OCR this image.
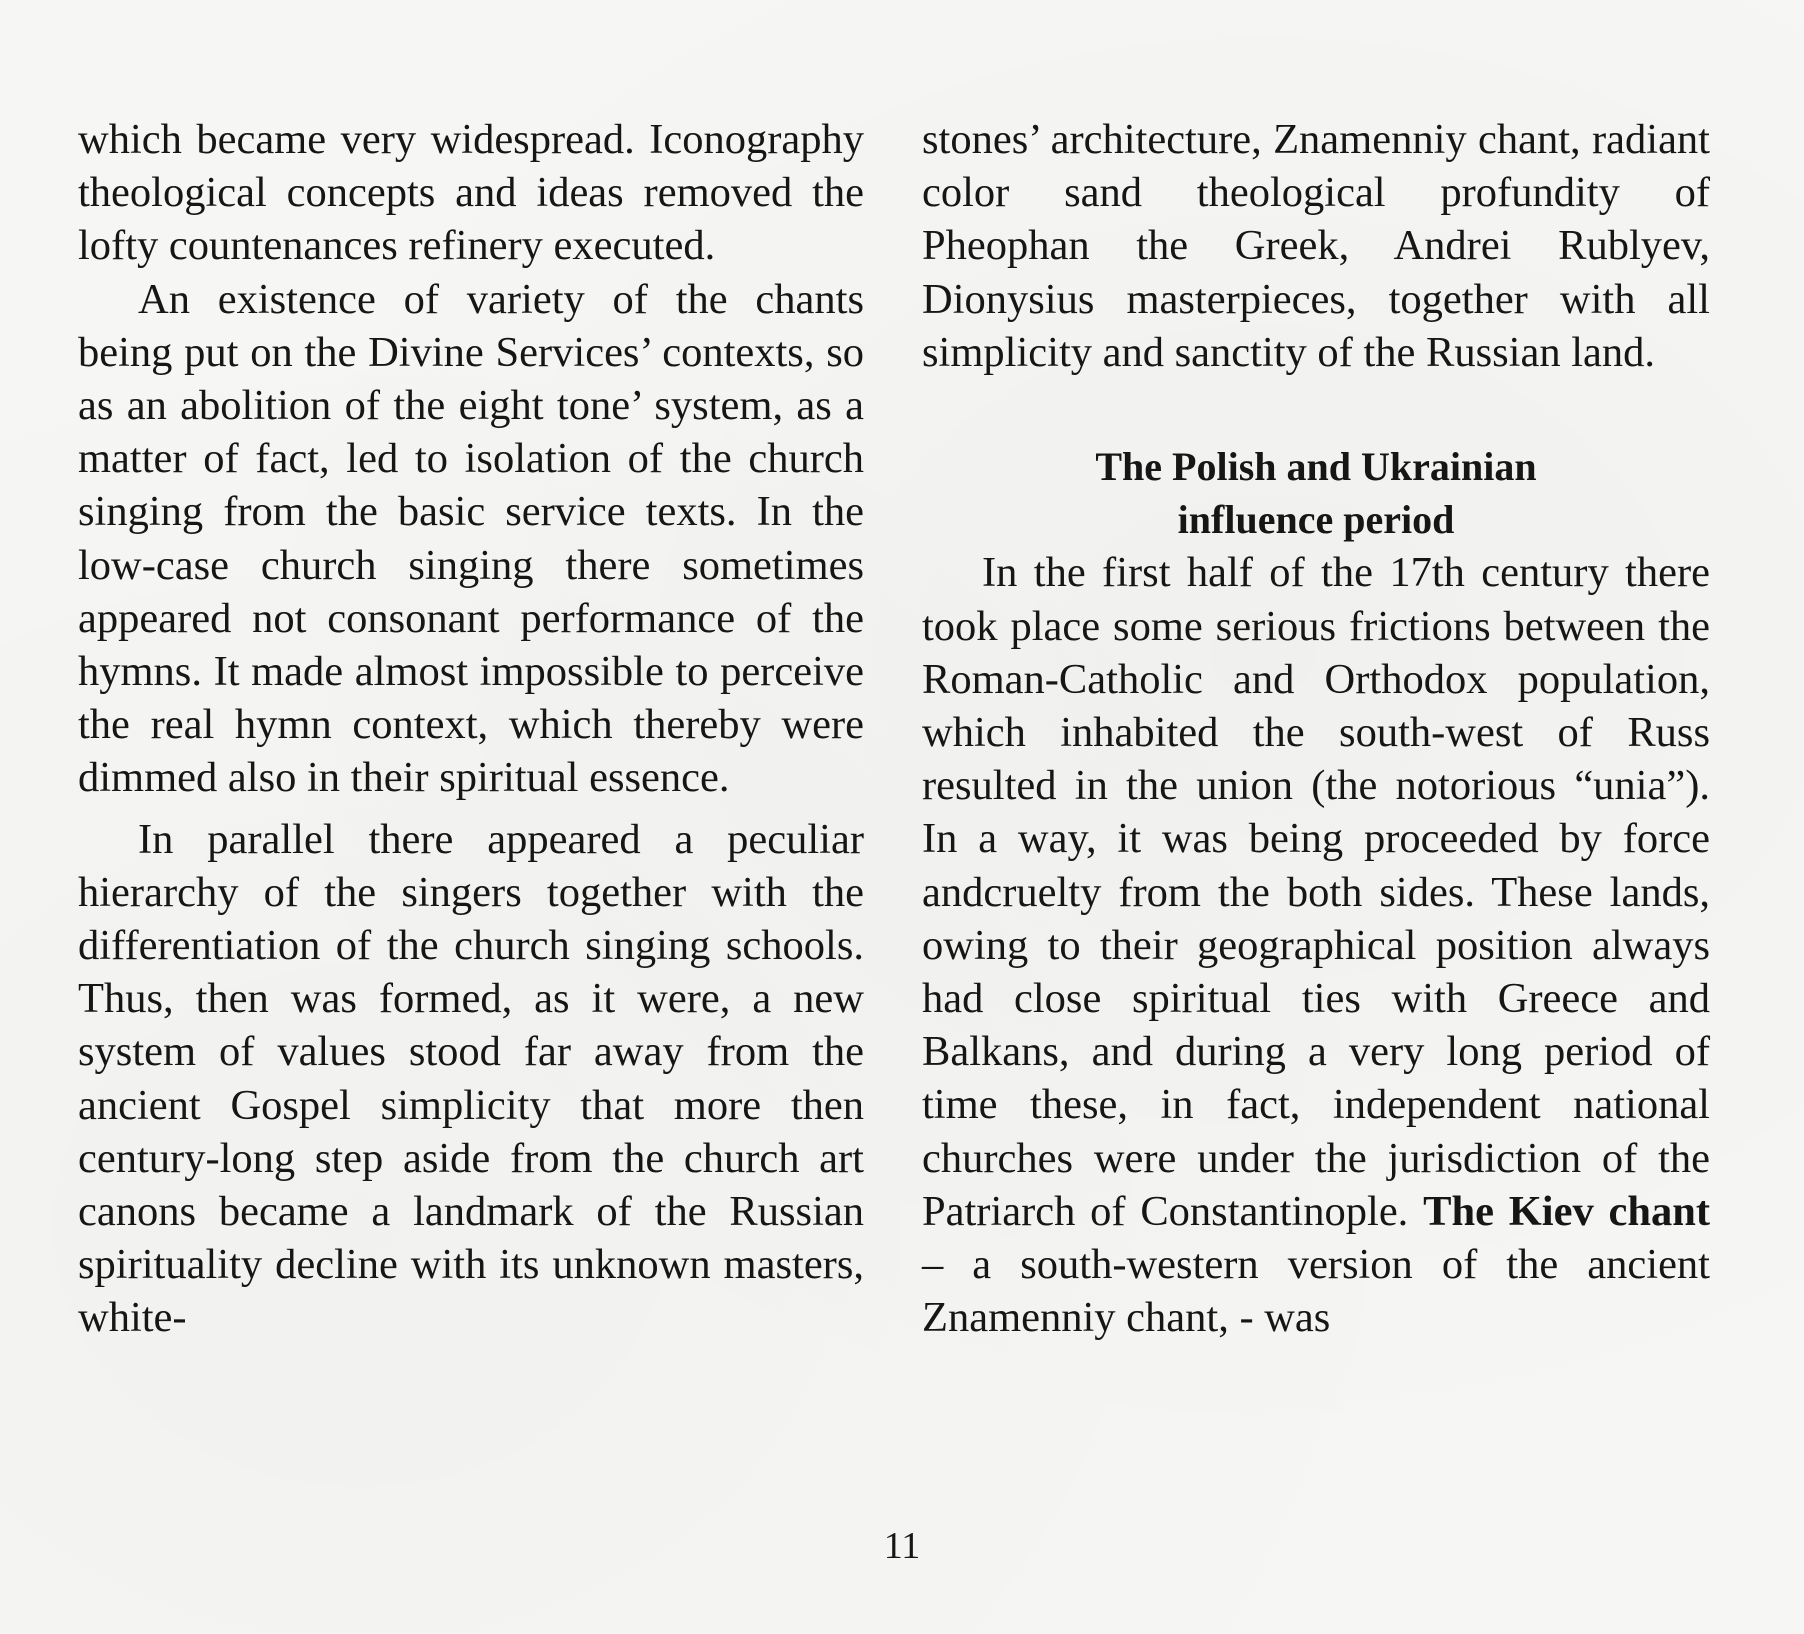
which became very widespread. Iconography theological concepts and ideas removed the lofty countenances refinery executed.

An existence of variety of the chants being put on the Divine Services’ contexts, so as an abolition of the eight tone’ system, as a matter of fact, led to isolation of the church singing from the basic service texts. In the low-case church singing there sometimes appeared not consonant performance of the hymns. It made almost impossible to perceive the real hymn context, which thereby were dimmed also in their spiritual essence.

In parallel there appeared a peculiar hierarchy of the singers together with the differentiation of the church singing schools. Thus, then was formed, as it were, a new system of values stood far away from the ancient Gospel simplicity that more then century-long step aside from the church art canons became a landmark of the Russian spirituality decline with its unknown masters, white-

stones’ architecture, Znamenniy chant, radiant color sand theological profundity of Pheophan the Greek, Andrei Rublyev, Dionysius masterpieces, together with all simplicity and sanctity of the Russian land.

The Polish and Ukrainian
influence period

In the first half of the 17th century there took place some serious frictions between the Roman-Catholic and Orthodox population, which inhabited the south-west of Russ resulted in the union (the notorious “unia”). In a way, it was being proceeded by force andcruelty from the both sides. These lands, owing to their geographical position always had close spiritual ties with Greece and Balkans, and during a very long period of time these, in fact, independent national churches were under the jurisdiction of the Patriarch of Constantinople. The Kiev chant – a south-western version of the ancient Znamenniy chant, - was

11
